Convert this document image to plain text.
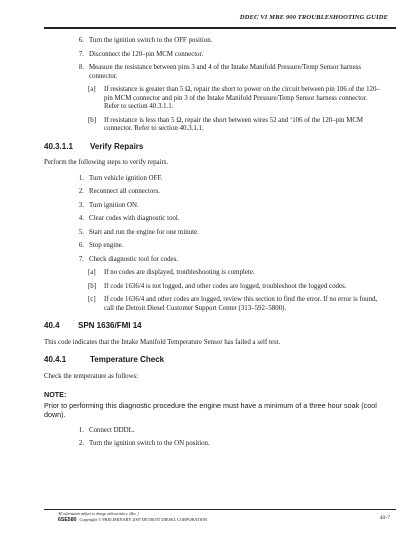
DDEC VI MBE 900 TROUBLESHOOTING GUIDE
6. Turn the ignition switch to the OFF position.
7. Disconnect the 120–pin MCM connector.
8. Measure the resistance between pins 3 and 4 of the Intake Manifold Pressure/Temp Sensor harness connector.
[a] If resistance is greater than 5 Ω, repair the short to power on the circuit between pin 106 of the 120–pin MCM connector and pin 3 of the Intake Manifold Pressure/Temp Sensor harness connector. Refer to section 40.3.1.1.
[b] If resistance is less than 5 Ω, repair the short between wires 52 and ‘106 of the 120–pin MCM connector. Refer to section 40.3.1.1.
40.3.1.1 Verify Repairs
Perform the following steps to verify repairs.
1. Turn vehicle ignition OFF.
2. Reconnect all connectors.
3. Turn ignition ON.
4. Clear codes with diagnostic tool.
5. Start and run the engine for one minute.
6. Stop engine.
7. Check diagnostic tool for codes.
[a] If no codes are displayed, troubleshooting is complete.
[b] If code 1636/4 is not logged, and other codes are logged, troubleshoot the logged codes.
[c] If code 1636/4 and other codes are logged, review this section to find the error. If no error is found, call the Detroit Diesel Customer Support Center (313–592–5800).
40.4 SPN 1636/FMI 14
This code indicates that the Intake Manifold Temperature Sensor has failed a self test.
40.4.1	Temperature Check
Check the temperature as follows:
NOTE:
Prior to performing this diagnostic procedure the engine must have a minimum of a three hour soak (cool down).
1. Connect DDDL.
2. Turn the ignition switch to the ON position.
All information subject to change without notice. (Rev. )
6SE580 Copyright © PRELIMINARY 2007 DETROIT DIESEL CORPORATION	40-7
